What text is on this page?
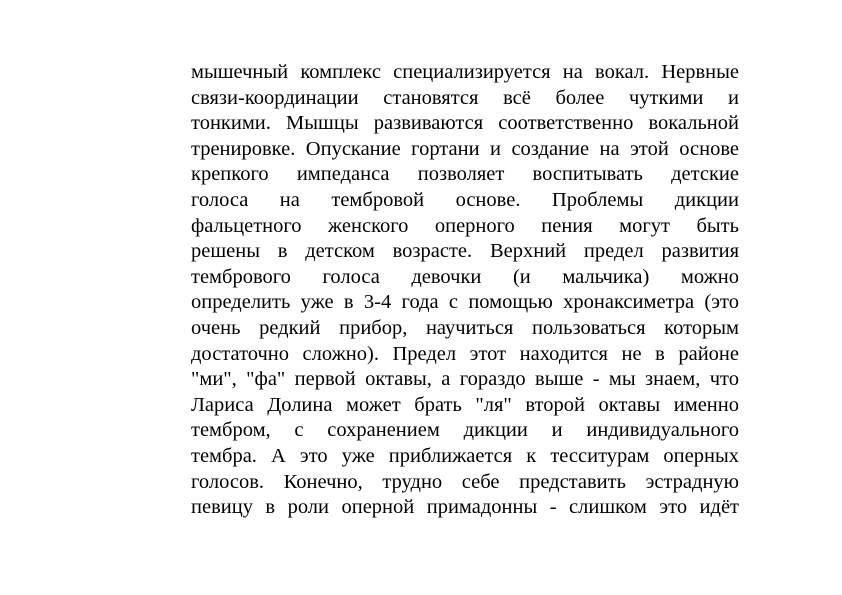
мышечный комплекс специализируется на вокал. Нервные
связи-координации становятся всё более чуткими и
тонкими. Мышцы развиваются соответственно вокальной
тренировке. Опускание гортани и создание на этой основе
крепкого импеданса позволяет воспитывать детские
голоса на тембровой основе. Проблемы дикции
фальцетного женского оперного пения могут быть
решены в детском возрасте. Верхний предел развития
тембрового голоса девочки (и мальчика) можно
определить уже в 3-4 года с помощью хронаксиметра (это
очень редкий прибор, научиться пользоваться которым
достаточно сложно). Предел этот находится не в районе
"ми", "фа" первой октавы, а гораздо выше - мы знаем, что
Лариса Долина может брать "ля" второй октавы именно
тембром, с сохранением дикции и индивидуального
тембра. А это уже приближается к тесситурам оперных
голосов. Конечно, трудно себе представить эстрадную
певицу в роли оперной примадонны - слишком это идёт
